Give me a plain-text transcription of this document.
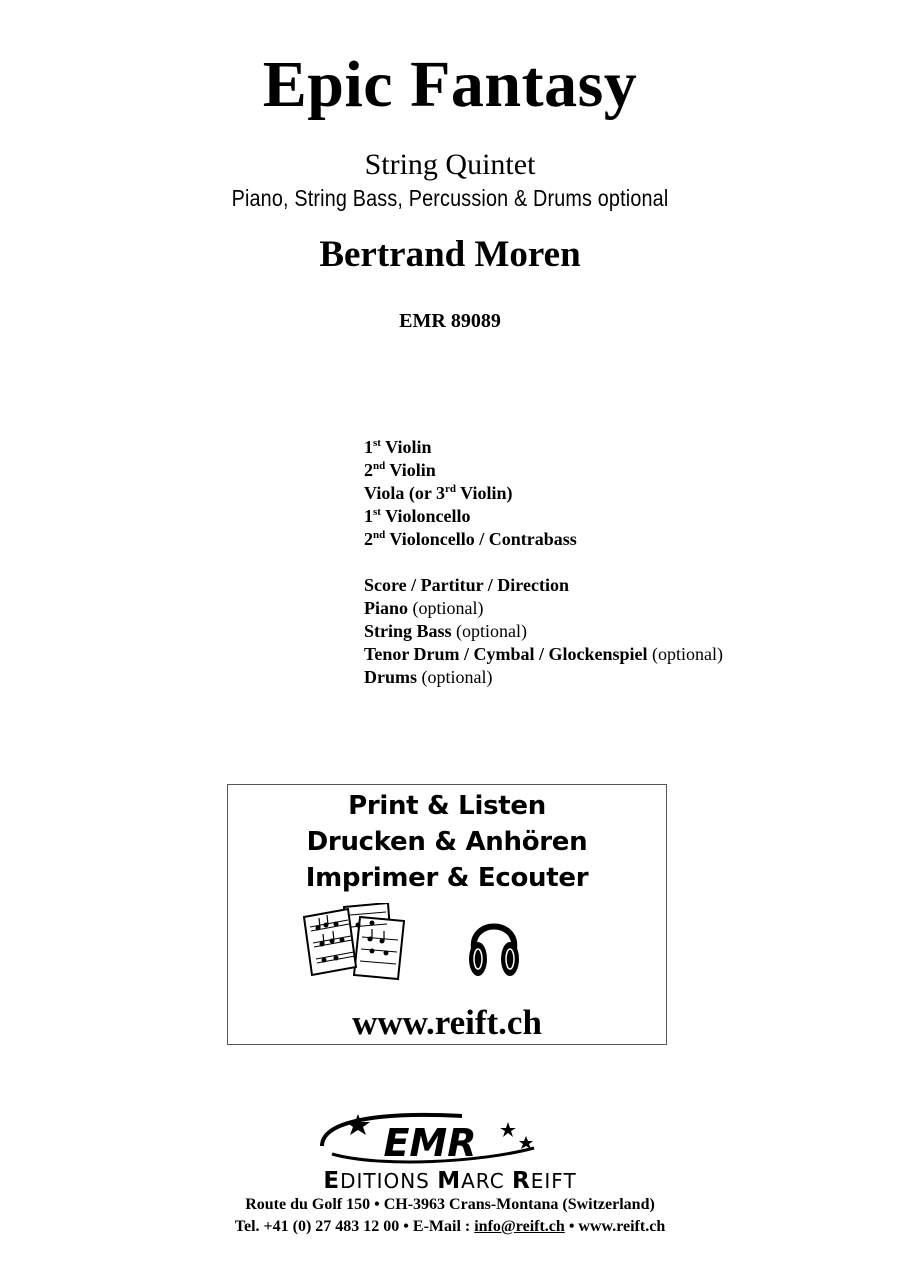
Epic Fantasy
String Quintet
Piano, String Bass, Percussion & Drums optional
Bertrand Moren
EMR 89089
1st Violin
2nd Violin
Viola (or 3rd Violin)
1st Violoncello
2nd Violoncello / Contrabass
Score / Partitur / Direction
Piano (optional)
String Bass (optional)
Tenor Drum / Cymbal / Glockenspiel (optional)
Drums (optional)
Print & Listen
Drucken & Anhören
Imprimer & Ecouter
www.reift.ch
EMR
EDITIONS MARC REIFT
Route du Golf 150 • CH-3963 Crans-Montana (Switzerland)
Tel. +41 (0) 27 483 12 00 • E-Mail : info@reift.ch • www.reift.ch
